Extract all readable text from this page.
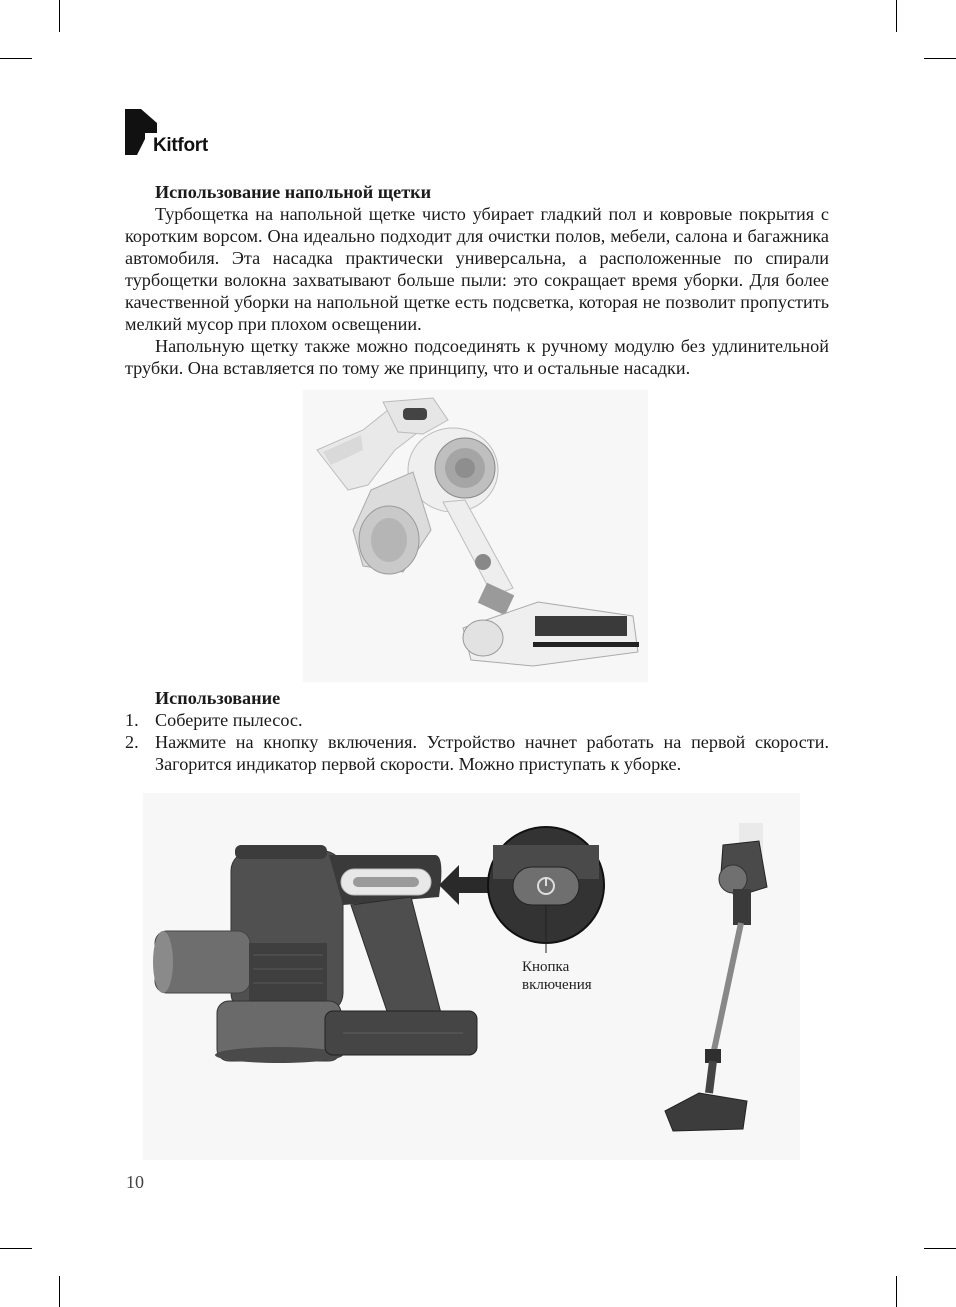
Kitfort
Использование напольной щетки

Турбощетка на напольной щетке чисто убирает гладкий пол и ковровые покрытия с коротким ворсом. Она идеально подходит для очистки полов, мебели, салона и багажника автомобиля. Эта насадка практически универсальна, а расположенные по спирали турбощетки волокна захватывают больше пыли: это сокращает время уборки. Для более качественной уборки на напольной щетке есть подсветка, которая не позволит пропустить мелкий мусор при плохом освещении.

Напольную щетку также можно подсоединять к ручному модулю без удлинительной трубки. Она вставляется по тому же принципу, что и остальные насадки.

Использование
1. Соберите пылесос.
2. Нажмите на кнопку включения. Устройство начнет работать на первой скорости. Загорится индикатор первой скорости. Можно приступать к уборке.
Кнопка
включения
10
